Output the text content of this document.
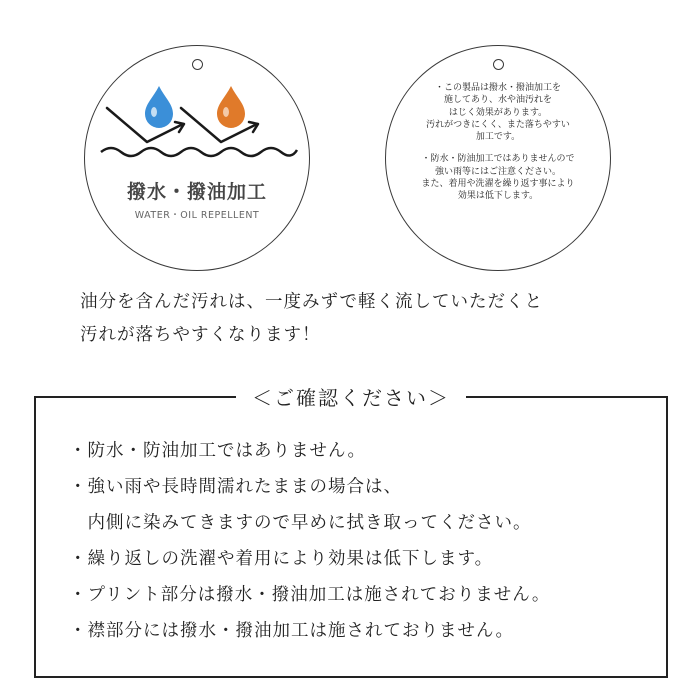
撥水・撥油加工
WATER・OIL REPELLENT
・この製品は撥水・撥油加工を
施してあり、水や油汚れを
はじく効果があります。
汚れがつきにくく、また落ちやすい
加工です。
・防水・防油加工ではありませんので
強い雨等にはご注意ください。
また、着用や洗濯を繰り返す事により
効果は低下します。
油分を含んだ汚れは、一度みずで軽く流していただくと
汚れが落ちやすくなります！
＜ご確認ください＞
・防水・防油加工ではありません。
・強い雨や長時間濡れたままの場合は、
　内側に染みてきますので早めに拭き取ってください。
・繰り返しの洗濯や着用により効果は低下します。
・プリント部分は撥水・撥油加工は施されておりません。
・襟部分には撥水・撥油加工は施されておりません。
